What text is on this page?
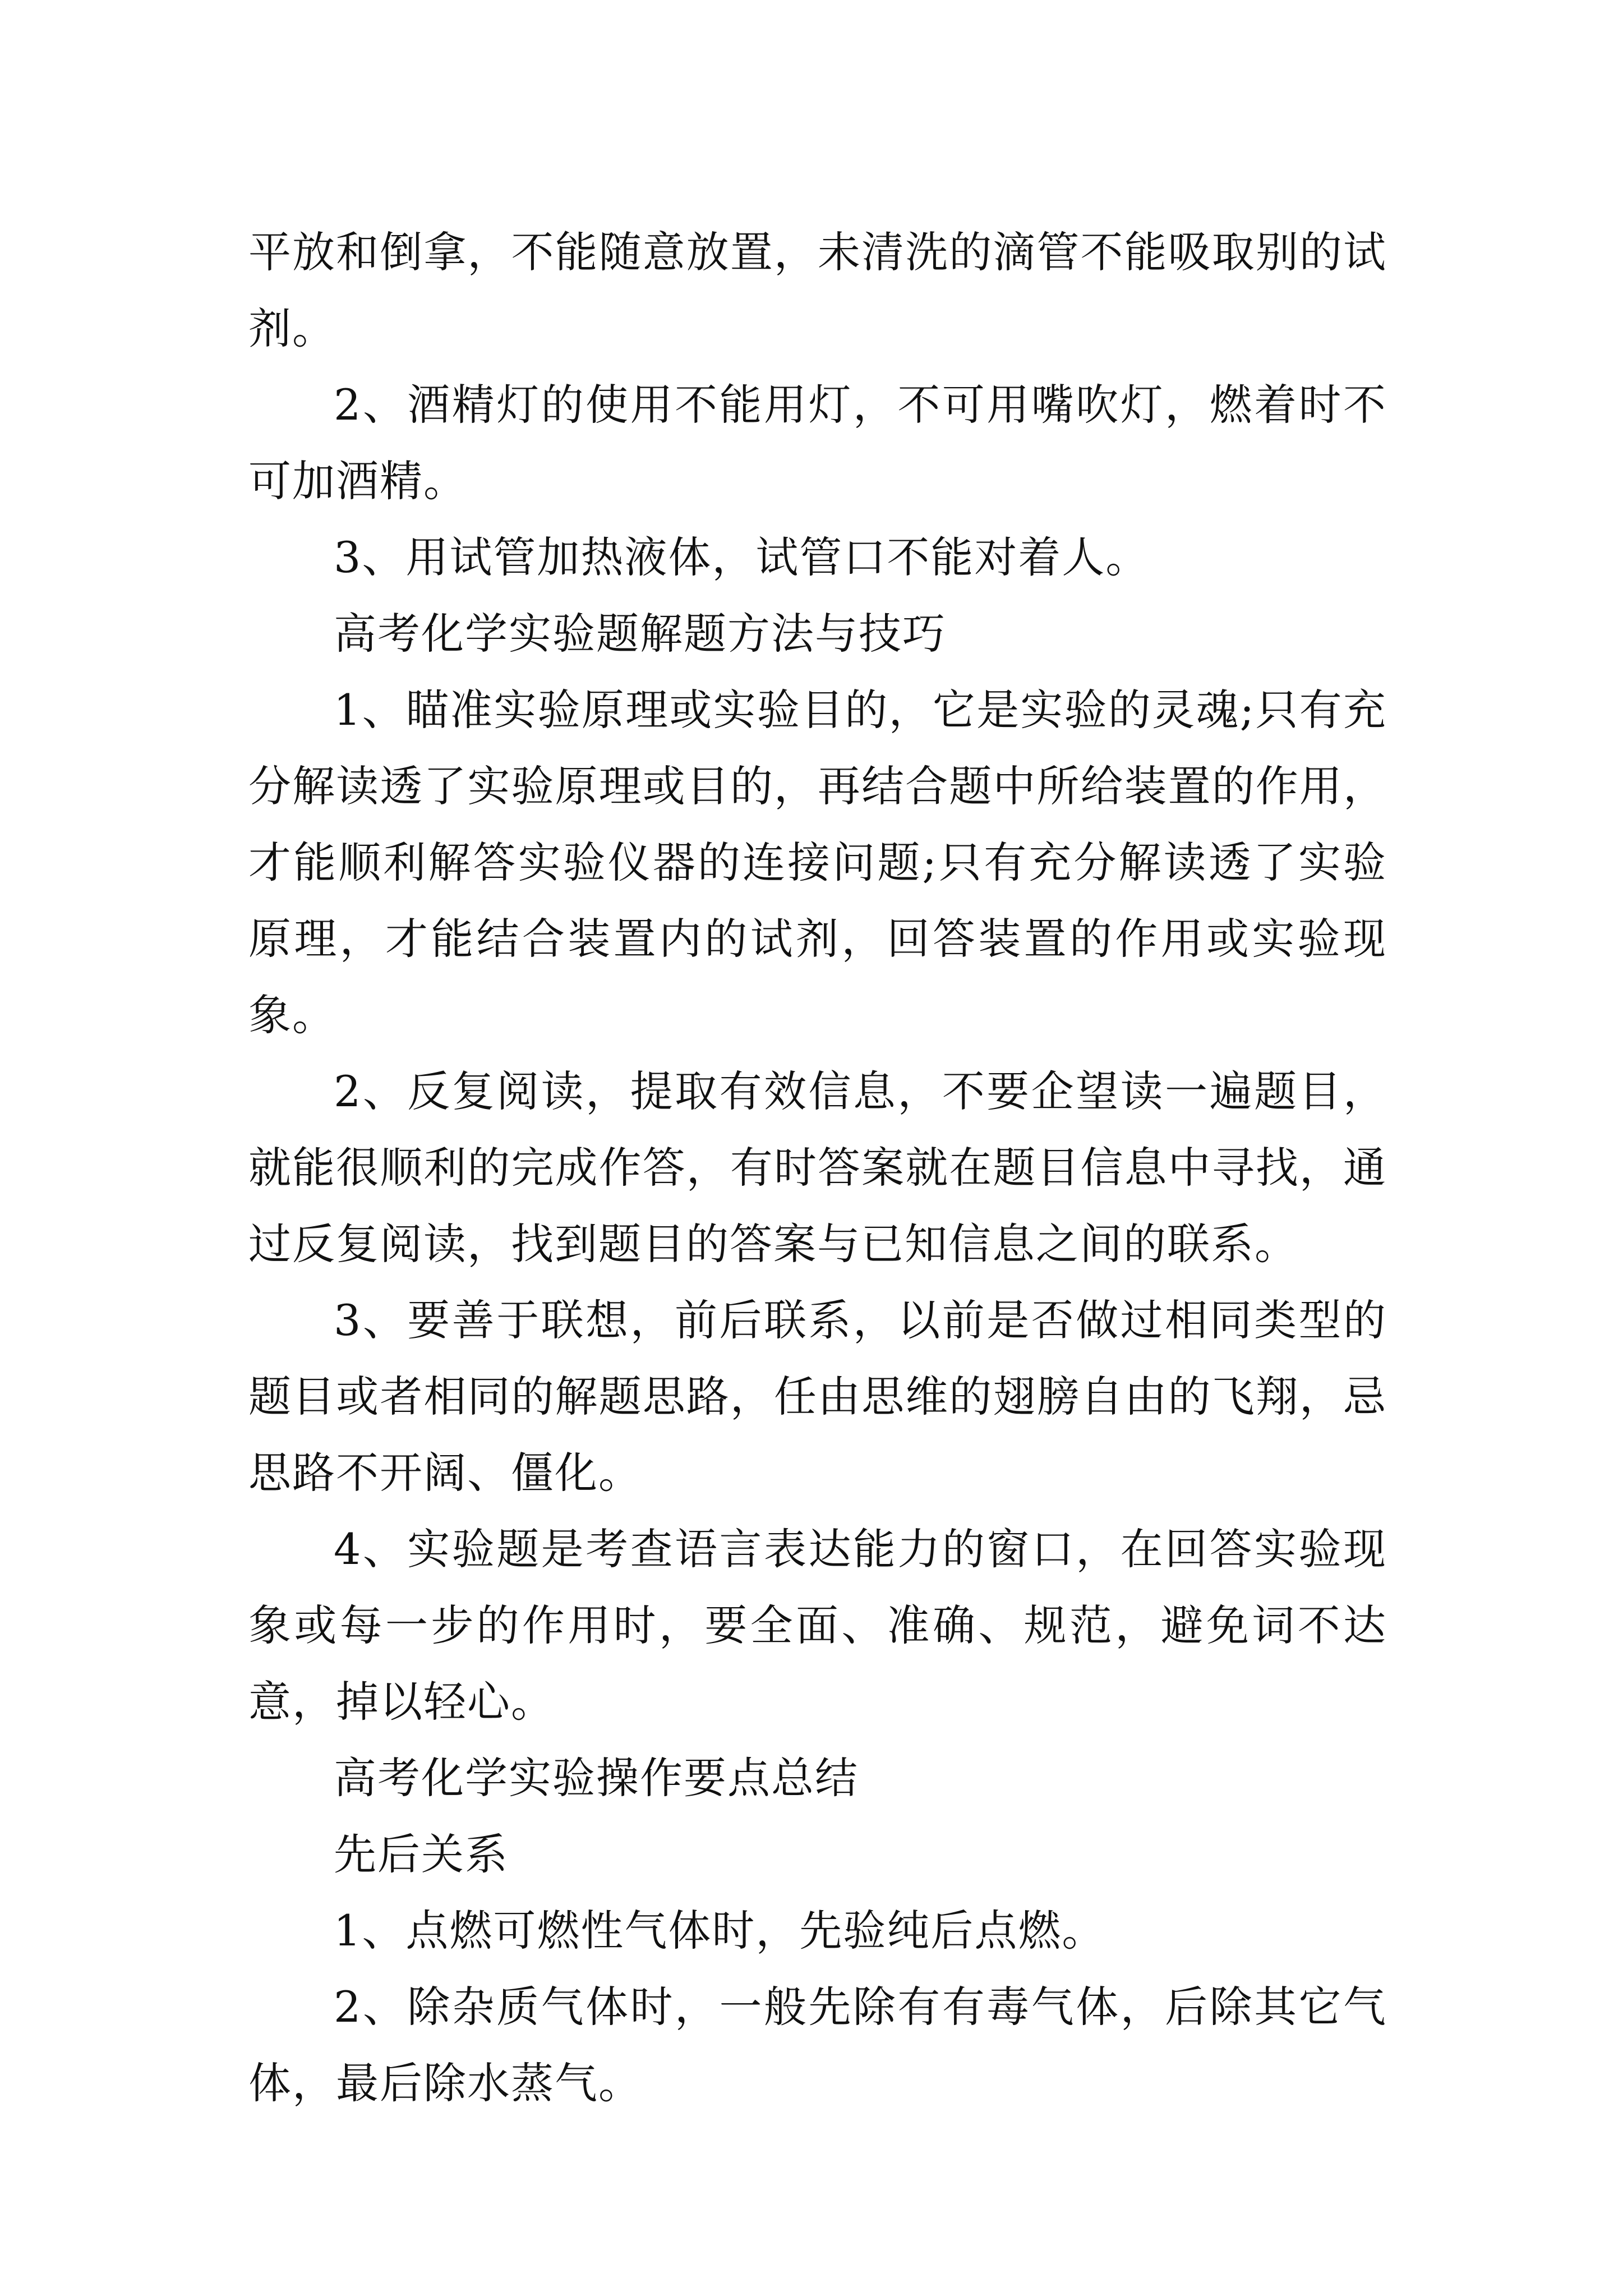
平放和倒拿，不能随意放置，未清洗的滴管不能吸取别的试剂。

2、酒精灯的使用不能用灯，不可用嘴吹灯，燃着时不可加酒精。

3、用试管加热液体，试管口不能对着人。

高考化学实验题解题方法与技巧

1、瞄准实验原理或实验目的，它是实验的灵魂;只有充分解读透了实验原理或目的，再结合题中所给装置的作用，才能顺利解答实验仪器的连接问题;只有充分解读透了实验原理，才能结合装置内的试剂，回答装置的作用或实验现象。

2、反复阅读，提取有效信息，不要企望读一遍题目，就能很顺利的完成作答，有时答案就在题目信息中寻找，通过反复阅读，找到题目的答案与已知信息之间的联系。

3、要善于联想，前后联系，以前是否做过相同类型的题目或者相同的解题思路，任由思维的翅膀自由的飞翔，忌思路不开阔、僵化。

4、实验题是考查语言表达能力的窗口，在回答实验现象或每一步的作用时，要全面、准确、规范，避免词不达意，掉以轻心。

高考化学实验操作要点总结

先后关系

1、点燃可燃性气体时，先验纯后点燃。

2、除杂质气体时，一般先除有有毒气体，后除其它气体，最后除水蒸气。
